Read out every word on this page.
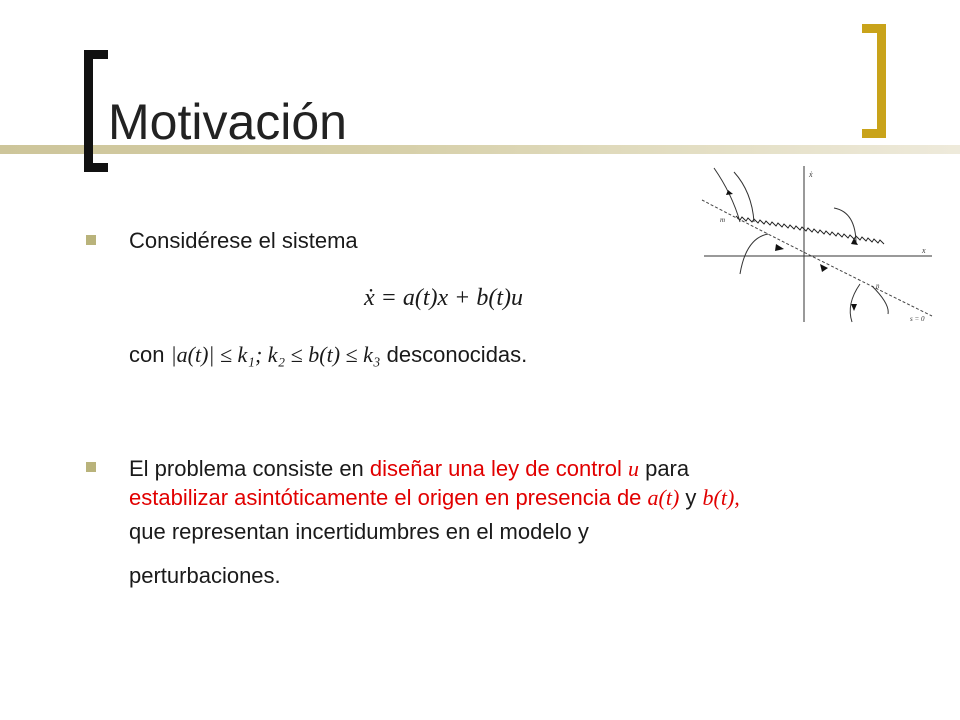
Motivación
Considérese el sistema
ẋ = a(t)x + b(t)u
con |a(t)| ≤ k₁; k₂ ≤ b(t) ≤ k₃ desconocidas.
El problema consiste en diseñar una ley de control u para
estabilizar asintóticamente el origen en presencia de a(t) y b(t),
que representan incertidumbres en el modelo y
perturbaciones.
ẋ
x
m
n
s = 0
